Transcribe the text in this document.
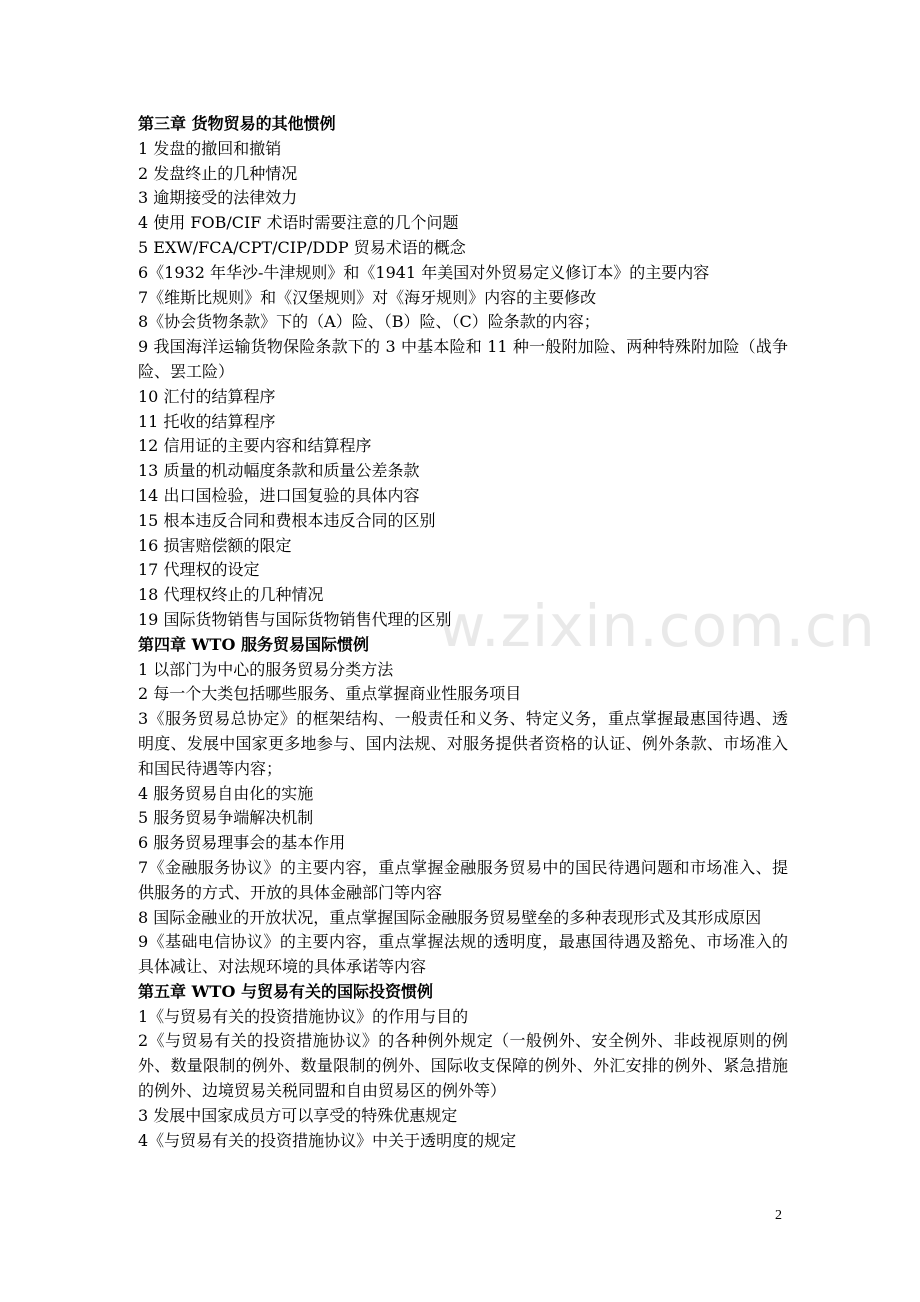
w.zixin.com.cn
第三章 货物贸易的其他惯例
1 发盘的撤回和撤销
2 发盘终止的几种情况
3 逾期接受的法律效力
4 使用 FOB/CIF 术语时需要注意的几个问题
5 EXW/FCA/CPT/CIP/DDP 贸易术语的概念
6《1932 年华沙-牛津规则》和《1941 年美国对外贸易定义修订本》的主要内容
7《维斯比规则》和《汉堡规则》对《海牙规则》内容的主要修改
8《协会货物条款》下的（A）险、（B）险、（C）险条款的内容；
9 我国海洋运输货物保险条款下的 3 中基本险和 11 种一般附加险、两种特殊附加险（战争险、罢工险）
10 汇付的结算程序
11 托收的结算程序
12 信用证的主要内容和结算程序
13 质量的机动幅度条款和质量公差条款
14 出口国检验，进口国复验的具体内容
15 根本违反合同和费根本违反合同的区别
16 损害赔偿额的限定
17 代理权的设定
18 代理权终止的几种情况
19 国际货物销售与国际货物销售代理的区别
第四章 WTO 服务贸易国际惯例
1 以部门为中心的服务贸易分类方法
2 每一个大类包括哪些服务、重点掌握商业性服务项目
3《服务贸易总协定》的框架结构、一般责任和义务、特定义务，重点掌握最惠国待遇、透明度、发展中国家更多地参与、国内法规、对服务提供者资格的认证、例外条款、市场准入和国民待遇等内容；
4 服务贸易自由化的实施
5 服务贸易争端解决机制
6 服务贸易理事会的基本作用
7《金融服务协议》的主要内容，重点掌握金融服务贸易中的国民待遇问题和市场准入、提供服务的方式、开放的具体金融部门等内容
8 国际金融业的开放状况，重点掌握国际金融服务贸易壁垒的多种表现形式及其形成原因
9《基础电信协议》的主要内容，重点掌握法规的透明度，最惠国待遇及豁免、市场准入的具体减让、对法规环境的具体承诺等内容
第五章 WTO 与贸易有关的国际投资惯例
1《与贸易有关的投资措施协议》的作用与目的
2《与贸易有关的投资措施协议》的各种例外规定（一般例外、安全例外、非歧视原则的例外、数量限制的例外、数量限制的例外、国际收支保障的例外、外汇安排的例外、紧急措施的例外、边境贸易关税同盟和自由贸易区的例外等）
3 发展中国家成员方可以享受的特殊优惠规定
4《与贸易有关的投资措施协议》中关于透明度的规定
2
